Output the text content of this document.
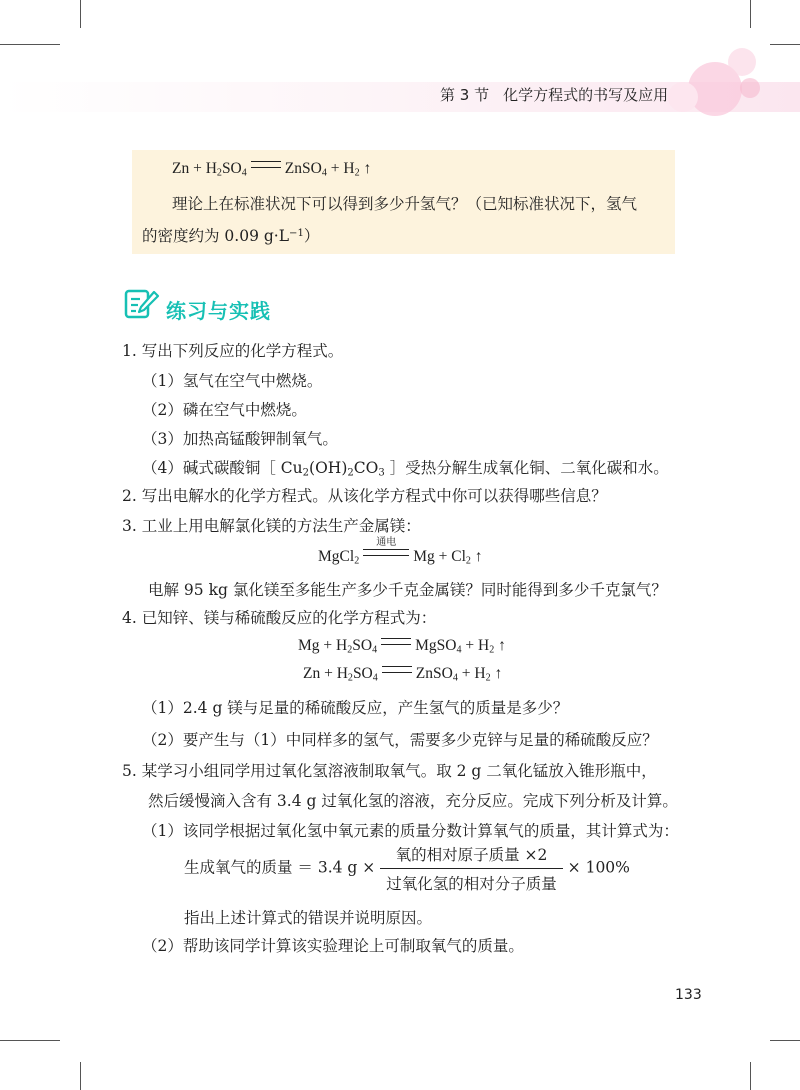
第 3 节 化学方程式的书写及应用
$Zn + H_2SO_4$ ZnSO$_4$ + $H_2$ ↑
理论上在标准状况下可以得到多少升氢气？（已知标准状况下，氢气
的密度约为 0.09 $g\cdot L^{-1}$）
练习与实践
1. 写出下列反应的化学方程式。
（1）氢气在空气中燃烧。
（2）磷在空气中燃烧。
（3）加热高锰酸钾制氧气。
（4）碱式碳酸铜［ $Cu_2(OH)_2CO_3$ ］受热分解生成氧化铜、二氧化碳和水。
2. 写出电解水的化学方程式。从该化学方程式中你可以获得哪些信息？
3. 工业上用电解氯化镁的方法生产金属镁：
MgCl$_2$
通电
$Mg + Cl_2$ ↑
电解 95 kg 氯化镁至多能生产多少千克金属镁？同时能得到多少千克氯气？
4. 已知锌、镁与稀硫酸反应的化学方程式为：
$Mg + H_2SO_4$ MgSO$_4$ + $H_2$ ↑
$Zn + H_2SO_4$ ZnSO$_4$ + $H_2$ ↑
（1）2.4 g 镁与足量的稀硫酸反应，产生氢气的质量是多少？
（2）要产生与（1）中同样多的氢气，需要多少克锌与足量的稀硫酸反应？
5. 某学习小组同学用过氧化氢溶液制取氧气。取 2 g 二氧化锰放入锥形瓶中，
然后缓慢滴入含有 3.4 g 过氧化氢的溶液，充分反应。完成下列分析及计算。
（1）该同学根据过氧化氢中氧元素的质量分数计算氧气的质量，其计算式为：
生成氧气的质量 ＝ 3.4 $g \times \frac{\text{氧的相对原子质量 ×2}}{\text{过氧化氢的相对分子质量}} \times 100\%$
指出上述计算式的错误并说明原因。
（2）帮助该同学计算该实验理论上可制取氧气的质量。
133
